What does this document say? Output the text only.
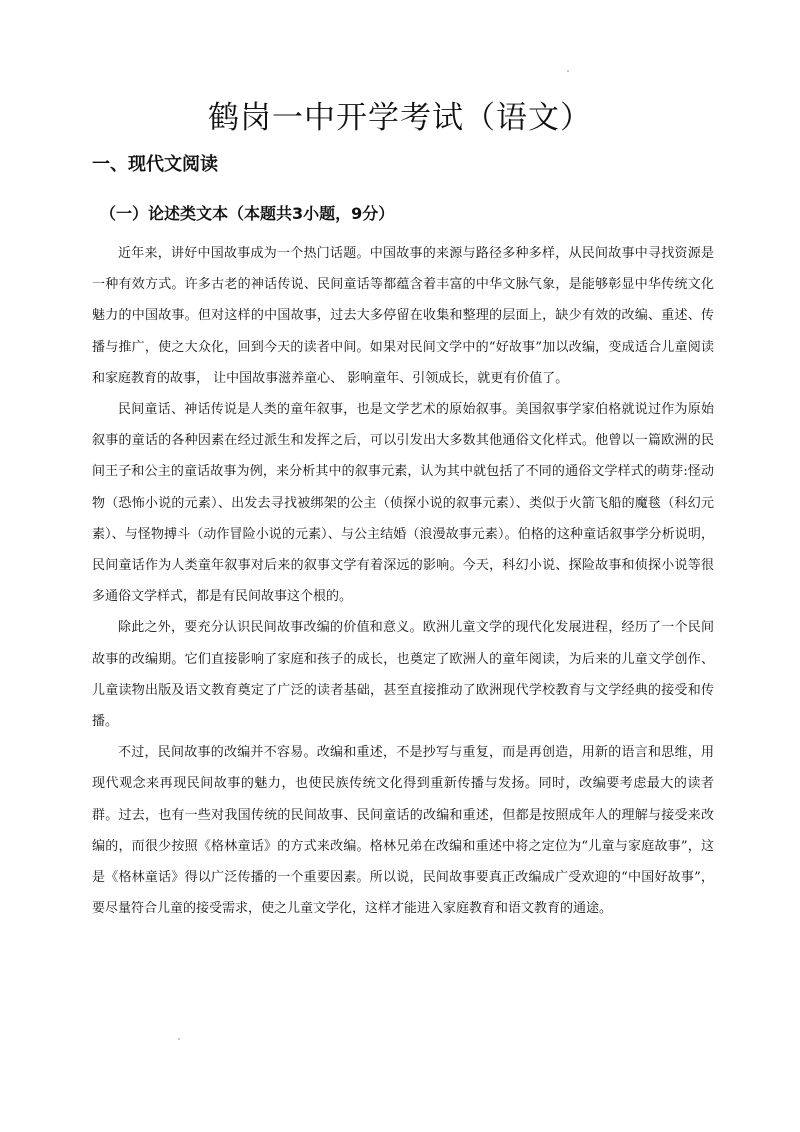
鹤岗一中开学考试（语文）
一、现代文阅读
（一）论述类文本（本题共3小题，9分）

近年来，讲好中国故事成为一个热门话题。中国故事的来源与路径多种多样，从民间故事中寻找资源是一种有效方式。许多古老的神话传说、民间童话等都蕴含着丰富的中华文脉气象，是能够彰显中华传统文化魅力的中国故事。但对这样的中国故事，过去大多停留在收集和整理的层面上，缺少有效的改编、重述、传播与推广，使之大众化，回到今天的读者中间。如果对民间文学中的“好故事”加以改编，变成适合儿童阅读和家庭教育的故事， 让中国故事滋养童心、 影响童年、引领成长，就更有价值了。

民间童话、神话传说是人类的童年叙事，也是文学艺术的原始叙事。美国叙事学家伯格就说过作为原始叙事的童话的各种因素在经过派生和发挥之后，可以引发出大多数其他通俗文化样式。他曾以一篇欧洲的民间王子和公主的童话故事为例，来分析其中的叙事元素，认为其中就包括了不同的通俗文学样式的萌芽:怪动物（恐怖小说的元素）、出发去寻找被绑架的公主（侦探小说的叙事元素）、类似于火箭飞船的魔毯（科幻元素）、与怪物搏斗（动作冒险小说的元素）、与公主结婚（浪漫故事元素）。伯格的这种童话叙事学分析说明，民间童话作为人类童年叙事对后来的叙事文学有着深远的影响。今天，科幻小说、探险故事和侦探小说等很多通俗文学样式，都是有民间故事这个根的。

除此之外，要充分认识民间故事改编的价值和意义。欧洲儿童文学的现代化发展进程，经历了一个民间故事的改编期。它们直接影响了家庭和孩子的成长，也奠定了欧洲人的童年阅读，为后来的儿童文学创作、儿童读物出版及语文教育奠定了广泛的读者基础，甚至直接推动了欧洲现代学校教育与文学经典的接受和传播。

不过，民间故事的改编并不容易。改编和重述，不是抄写与重复，而是再创造，用新的语言和思维，用现代观念来再现民间故事的魅力，也使民族传统文化得到重新传播与发扬。同时，改编要考虑最大的读者群。过去，也有一些对我国传统的民间故事、民间童话的改编和重述，但都是按照成年人的理解与接受来改编的，而很少按照《格林童话》的方式来改编。格林兄弟在改编和重述中将之定位为“儿童与家庭故事”，这是《格林童话》得以广泛传播的一个重要因素。所以说，民间故事要真正改编成广受欢迎的“中国好故事”，要尽量符合儿童的接受需求，使之儿童文学化，这样才能进入家庭教育和语文教育的通途。
